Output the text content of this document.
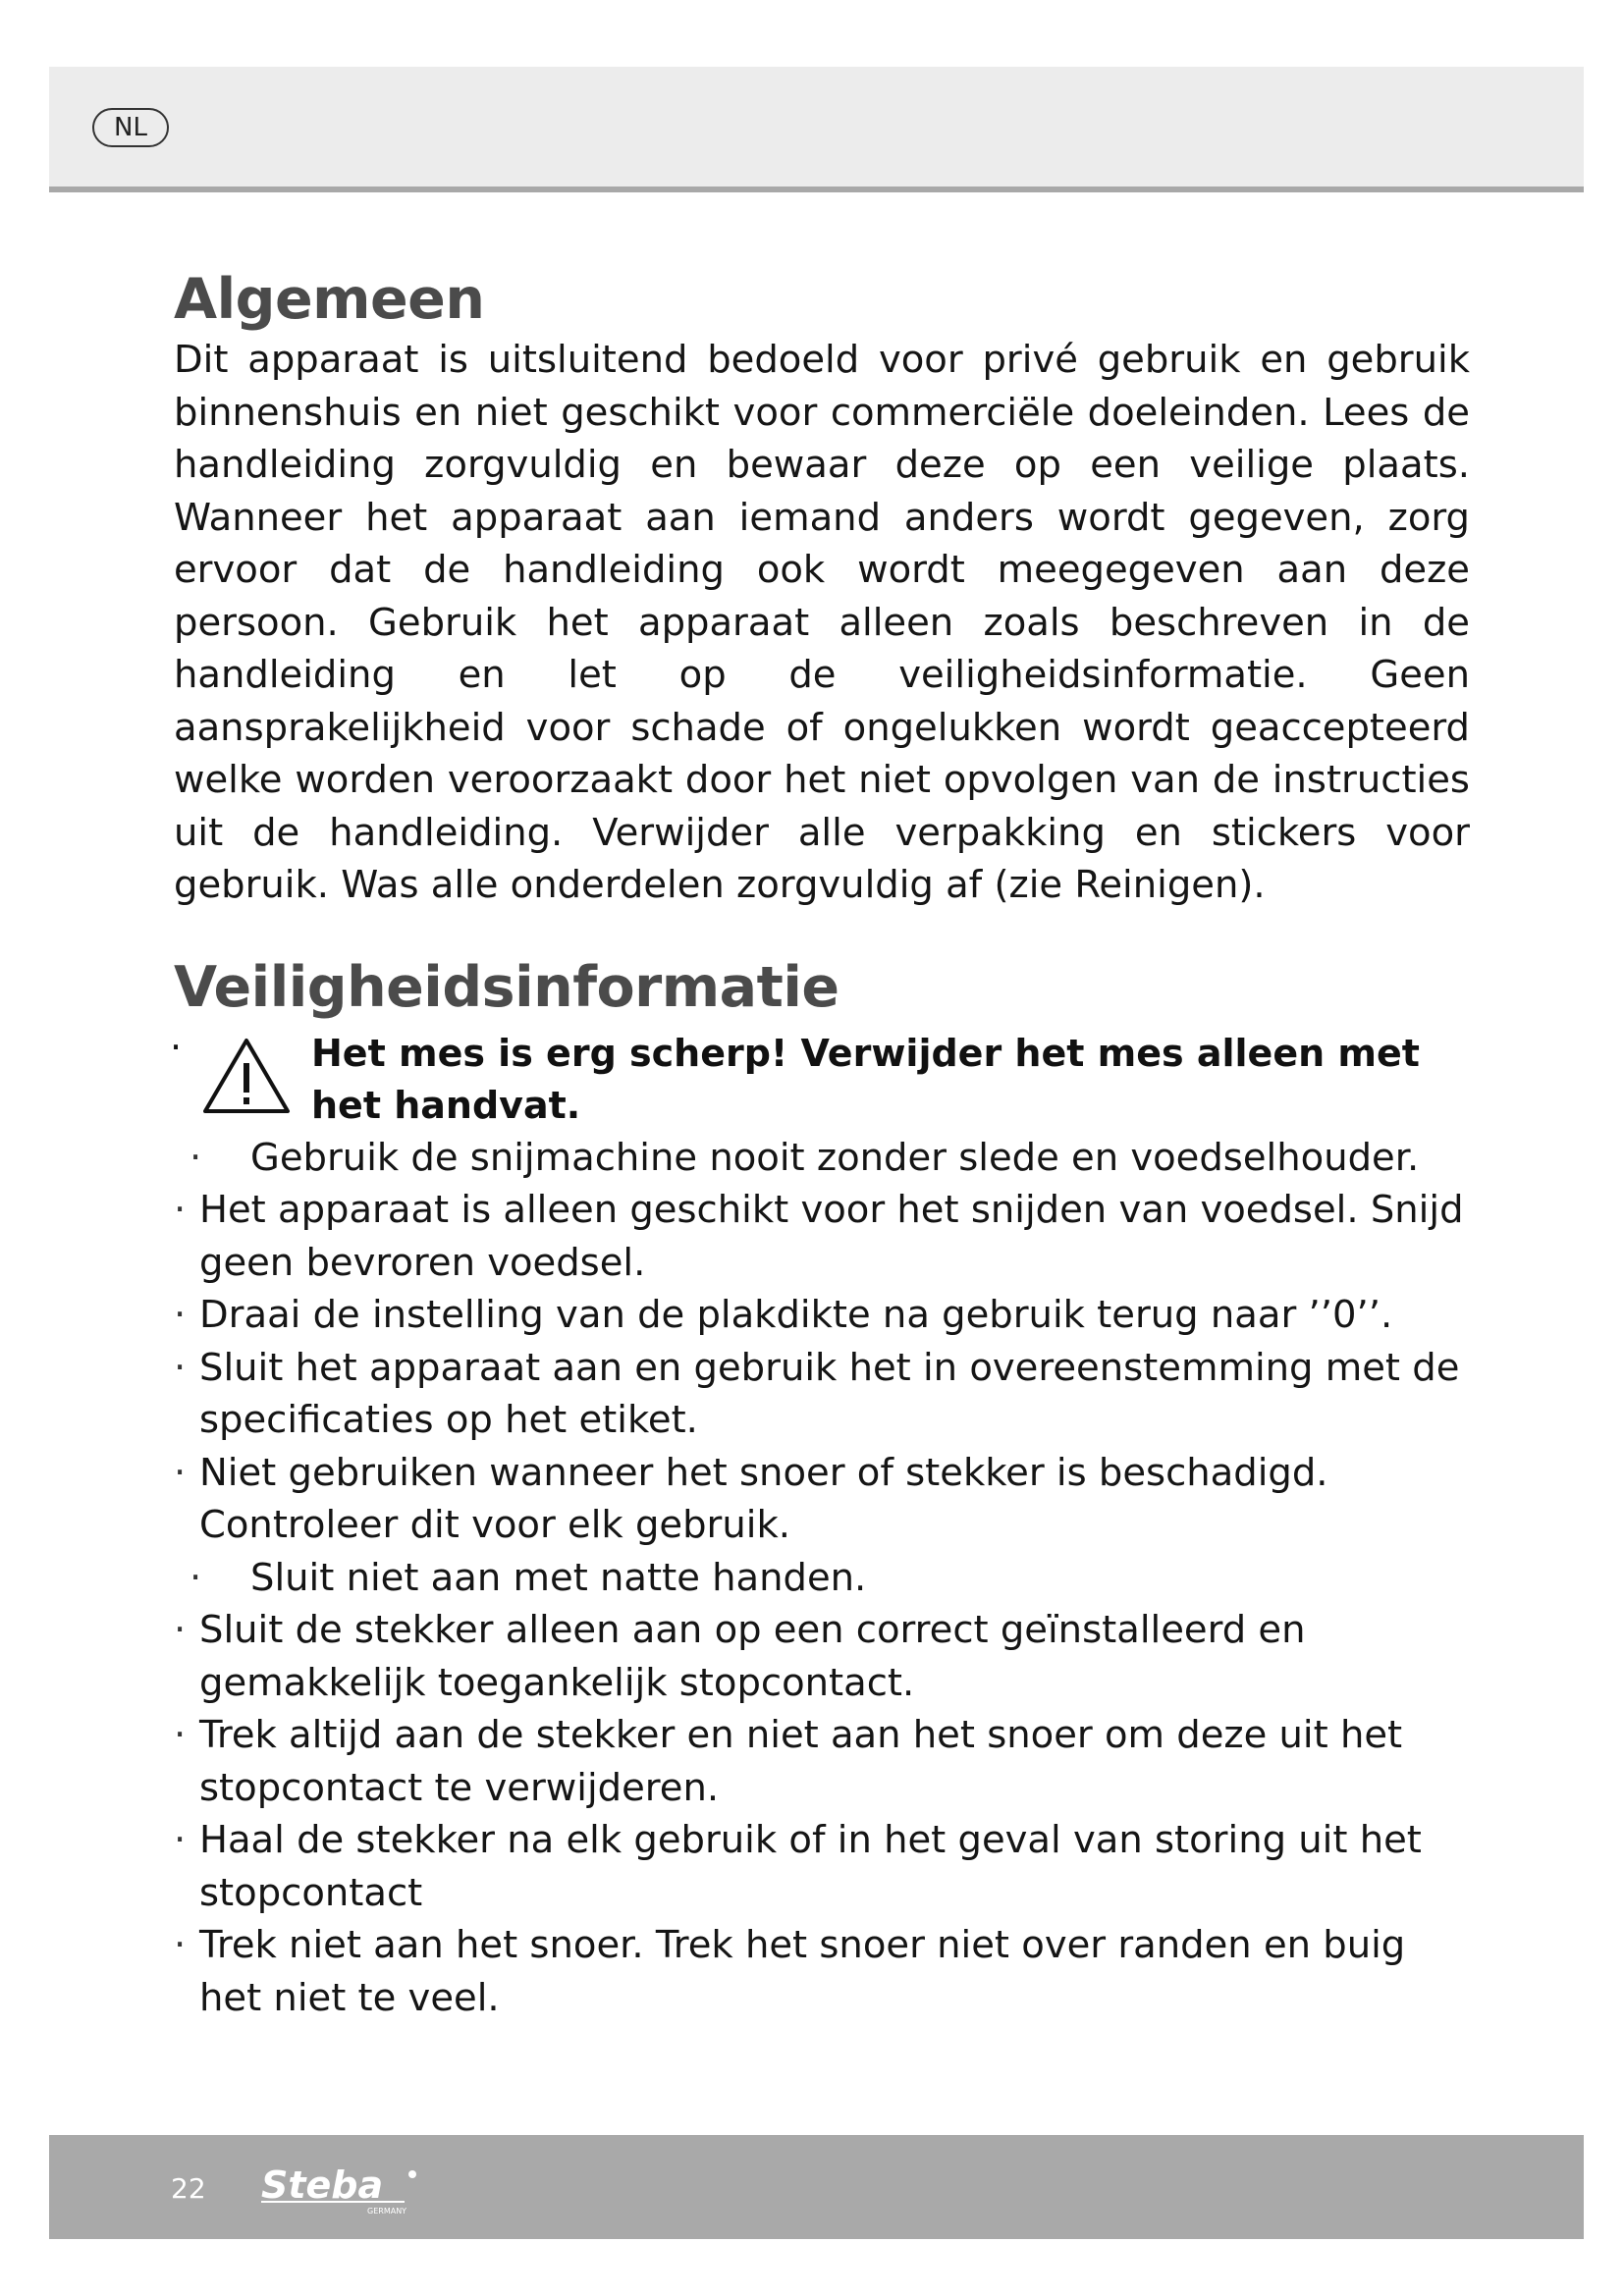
NL
Algemeen

Dit apparaat is uitsluitend bedoeld voor privé gebruik en gebruik binnenshuis en niet geschikt voor commerciële doeleinden. Lees de handleiding zorgvuldig en bewaar deze op een veilige plaats. Wanneer het apparaat aan iemand anders wordt gegeven, zorg ervoor dat de handleiding ook wordt meegegeven aan deze persoon. Gebruik het apparaat alleen zoals beschreven in de handleiding en let op de veiligheidsinformatie. Geen aansprakelijkheid voor schade of ongelukken wordt geaccepteerd welke worden veroorzaakt door het niet opvolgen van de instructies uit de handleiding. Verwijder alle verpakking en stickers voor gebruik. Was alle onderdelen zorgvuldig af (zie Reinigen).

Veiligheidsinformatie
·	Het mes is erg scherp! Verwijder het mes alleen met het handvat.
· Gebruik de snijmachine nooit zonder slede en voedselhouder.
· Het apparaat is alleen geschikt voor het snijden van voedsel. Snijd geen bevroren voedsel.
· Draai de instelling van de plakdikte na gebruik terug naar ’’0’’.
· Sluit het apparaat aan en gebruik het in overeenstemming met de specificaties op het etiket.
· Niet gebruiken wanneer het snoer of stekker is beschadigd. Controleer dit voor elk gebruik.
· Sluit niet aan met natte handen.
· Sluit de stekker alleen aan op een correct geïnstalleerd en gemakkelijk toegankelijk stopcontact.
· Trek altijd aan de stekker en niet aan het snoer om deze uit het stopcontact te verwijderen.
· Haal de stekker na elk gebruik of in het geval van storing uit het stopcontact
· Trek niet aan het snoer. Trek het snoer niet over randen en buig het niet te veel.
22 Steba
GERMANY
